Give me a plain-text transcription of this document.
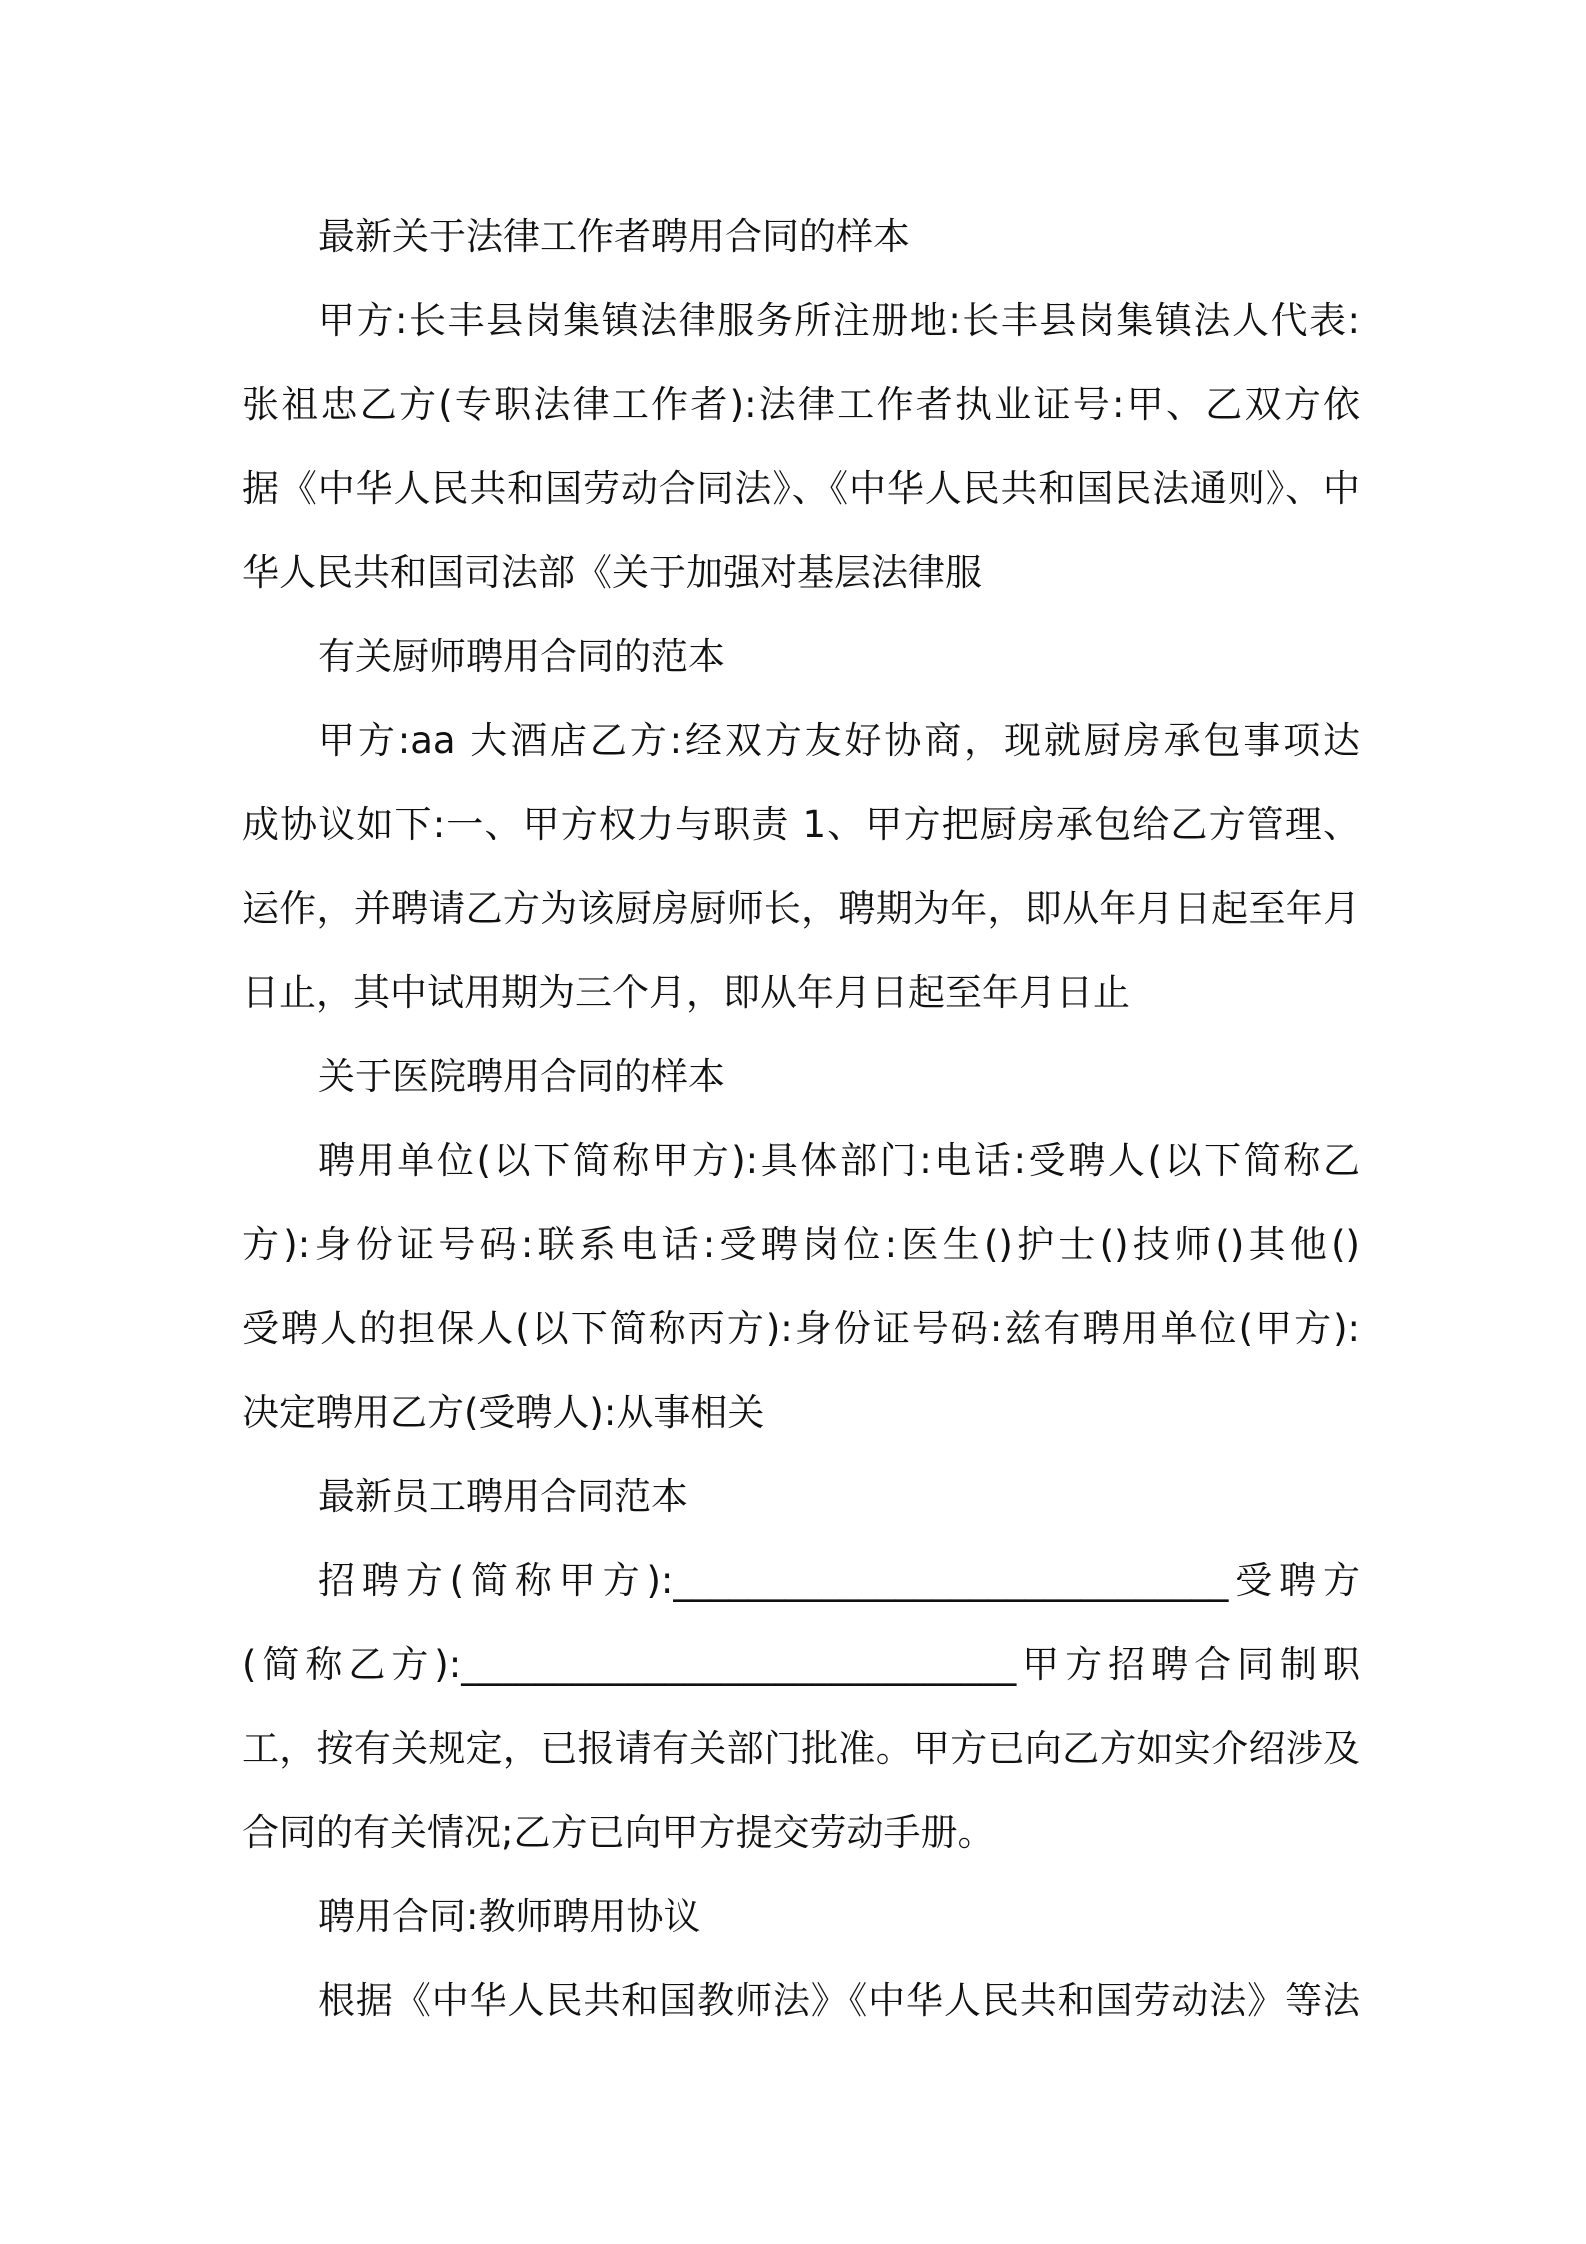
最新关于法律工作者聘用合同的样本
甲方:长丰县岗集镇法律服务所注册地:长丰县岗集镇法人代表:
张祖忠乙方(专职法律工作者):法律工作者执业证号:甲、乙双方依
据《中华人民共和国劳动合同法》、《中华人民共和国民法通则》、中
华人民共和国司法部《关于加强对基层法律服
有关厨师聘用合同的范本
甲方:aa 大酒店乙方:经双方友好协商，现就厨房承包事项达
成协议如下:一、甲方权力与职责 1、甲方把厨房承包给乙方管理、
运作，并聘请乙方为该厨房厨师长，聘期为年，即从年月日起至年月
日止，其中试用期为三个月，即从年月日起至年月日止
关于医院聘用合同的样本
聘用单位(以下简称甲方):具体部门:电话:受聘人(以下简称乙
方):身份证号码:联系电话:受聘岗位:医生()护士()技师()其他()
受聘人的担保人(以下简称丙方):身份证号码:兹有聘用单位(甲方):
决定聘用乙方(受聘人):从事相关
最新员工聘用合同范本
招聘方(简称甲方):______________________________受聘方
(简称乙方):______________________________甲方招聘合同制职
工，按有关规定，已报请有关部门批准。甲方已向乙方如实介绍涉及
合同的有关情况;乙方已向甲方提交劳动手册。
聘用合同:教师聘用协议
根据《中华人民共和国教师法》《中华人民共和国劳动法》等法
